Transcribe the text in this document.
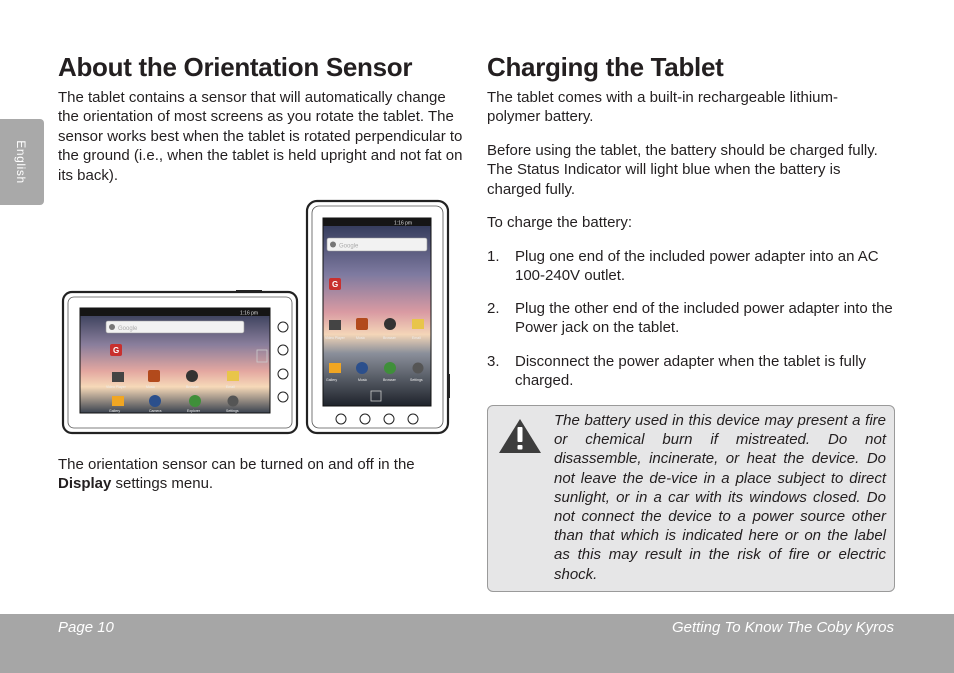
English
About the Orientation Sensor

The tablet contains a sensor that will automatically change the orientation of most screens as you rotate the tablet. The sensor works best when the tablet is rotated perpendicular to the ground (i.e., when the tablet is held upright and not fat on its back).

1:16 pm
Google
G
Video Player	Music	Browser	Email
Gallery	Camera	Explorer	Settings
1:16 pm
Google
G
Video Player	Music	Browser	Email
Gallery	Music	Browser	Settings

The orientation sensor can be turned on and off in the Display settings menu.

Charging the Tablet

The tablet comes with a built-in rechargeable lithium-polymer battery.

Before using the tablet, the battery should be charged fully. The Status Indicator will light blue when the battery is charged fully.

To charge the battery:

1. Plug one end of the included power adapter into an AC 100-240V outlet.
2. Plug the other end of the included power adapter into the Power jack on the tablet.
3. Disconnect the power adapter when the tablet is fully charged.

The battery used in this device may present a fire or chemical burn if mistreated. Do not disassemble, incinerate, or heat the device. Do not leave the de-vice in a place subject to direct sunlight, or in a car with its windows closed. Do not connect the device to a power source other than that which is indicated here or on the label as this may result in the risk of fire or electric shock.

Page 10	Getting To Know The Coby Kyros
